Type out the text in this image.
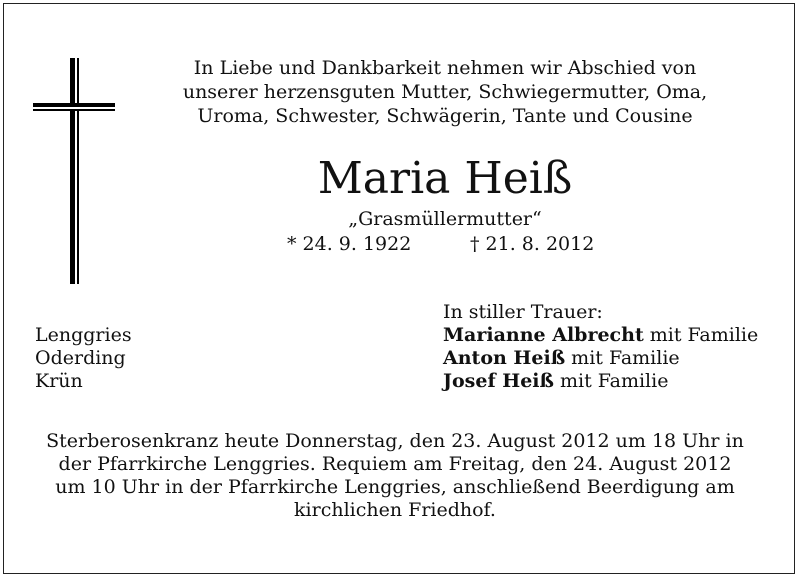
In Liebe und Dankbarkeit nehmen wir Abschied von
unserer herzensguten Mutter, Schwiegermutter, Oma,
Uroma, Schwester, Schwägerin, Tante und Cousine
Maria Heiß
„Grasmüllermutter“
* 24. 9. 1922	† 21. 8. 2012
In stiller Trauer:
Lenggries
Oderding
Krün
Marianne Albrecht mit Familie
Anton Heiß mit Familie
Josef Heiß mit Familie
Sterberosenkranz heute Donnerstag, den 23. August 2012 um 18 Uhr in
der Pfarrkirche Lenggries. Requiem am Freitag, den 24. August 2012
um 10 Uhr in der Pfarrkirche Lenggries, anschließend Beerdigung am
kirchlichen Friedhof.
